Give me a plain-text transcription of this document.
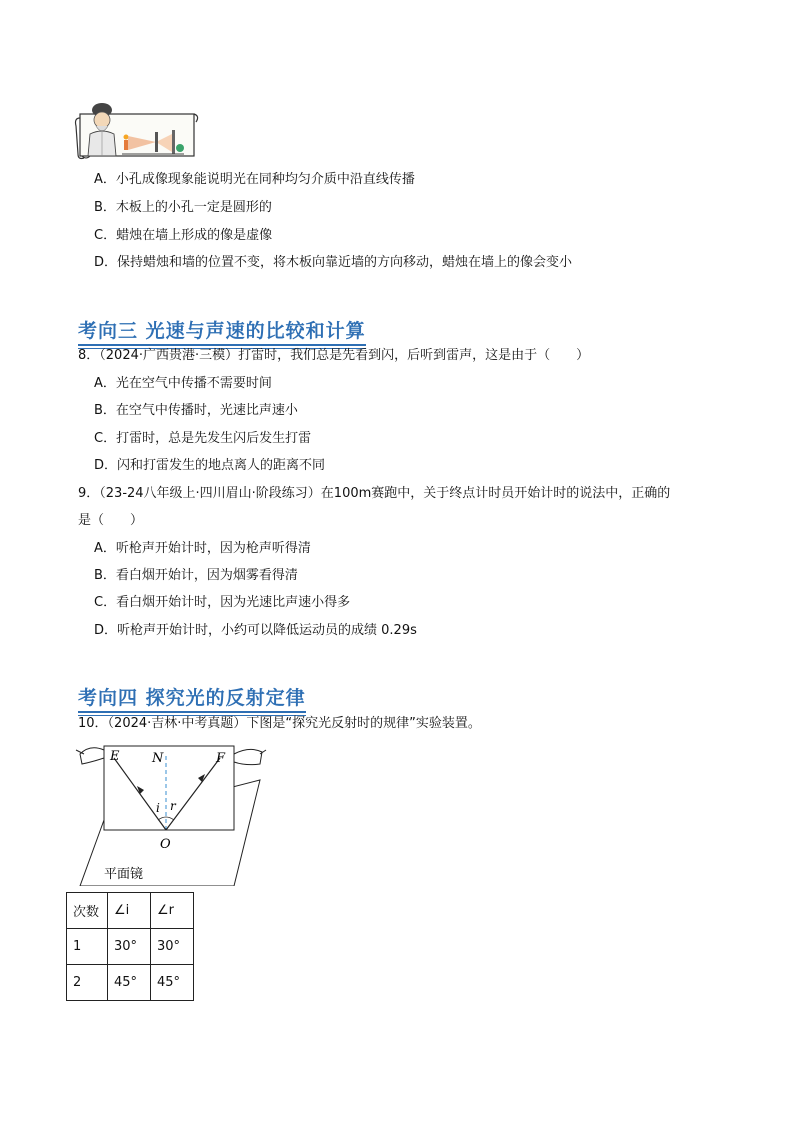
A．小孔成像现象能说明光在同种均匀介质中沿直线传播
B．木板上的小孔一定是圆形的
C．蜡烛在墙上形成的像是虚像
D．保持蜡烛和墙的位置不变，将木板向靠近墙的方向移动，蜡烛在墙上的像会变小
考向三 光速与声速的比较和计算
8．（2024·广西贵港·三模）打雷时，我们总是先看到闪，后听到雷声，这是由于（　　）
A．光在空气中传播不需要时间
B．在空气中传播时，光速比声速小
C．打雷时，总是先发生闪后发生打雷
D．闪和打雷发生的地点离人的距离不同
9．（23-24八年级上·四川眉山·阶段练习）在100m赛跑中，关于终点计时员开始计时的说法中，正确的
是（　　）
A．听枪声开始计时，因为枪声听得清
B．看白烟开始计，因为烟雾看得清
C．看白烟开始计时，因为光速比声速小得多
D．听枪声开始计时，小约可以降低运动员的成绩 0.29s
考向四 探究光的反射定律
10．（2024·吉林·中考真题）下图是“探究光反射时的规律”实验装置。
E	N	F
i r
O
平面镜
次数	∠i	∠r
1	30°	30°
2	45°	45°
